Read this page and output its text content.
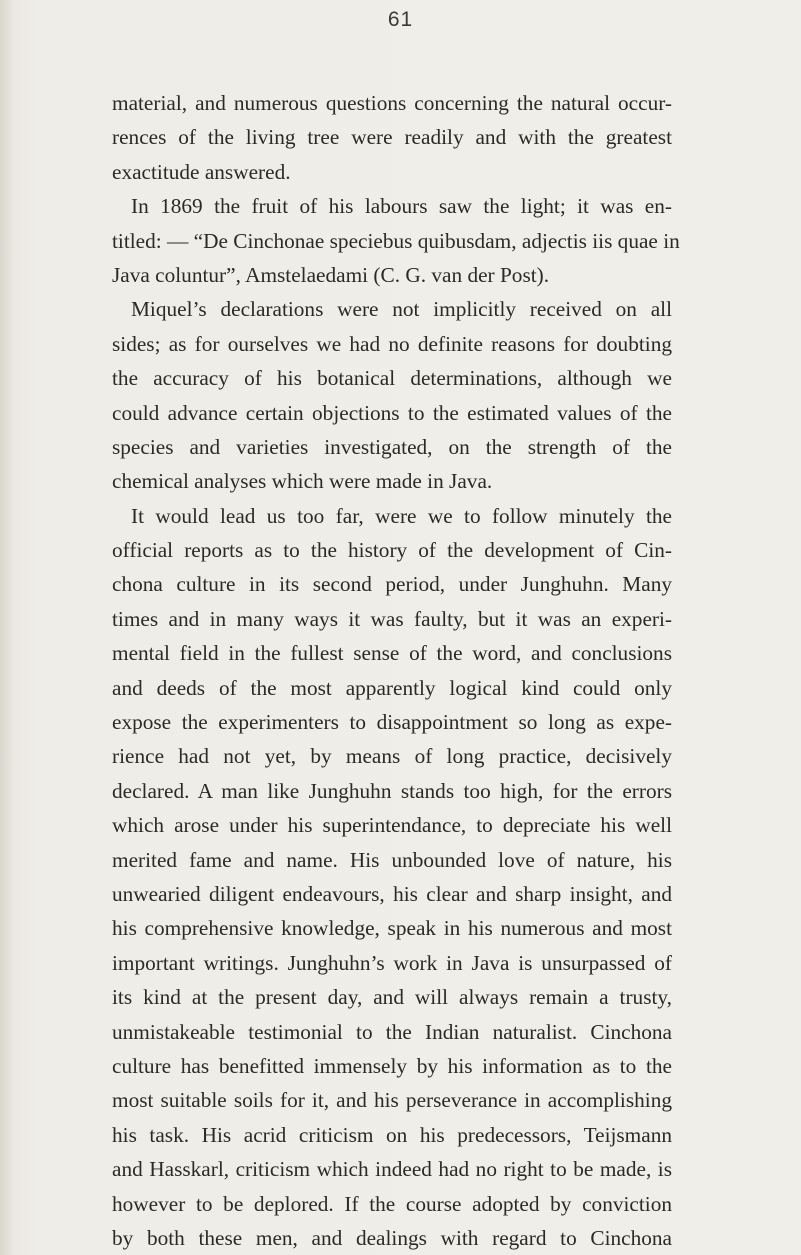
61
material, and numerous questions concerning the natural occur-
rences of the living tree were readily and with the greatest
exactitude answered.
In 1869 the fruit of his labours saw the light; it was en-
titled: — “De Cinchonae speciebus quibusdam, adjectis iis quae in
Java coluntur”, Amstelaedami (C. G. van der Post).
Miquel’s declarations were not implicitly received on all
sides; as for ourselves we had no definite reasons for doubting
the accuracy of his botanical determinations, although we
could advance certain objections to the estimated values of the
species and varieties investigated, on the strength of the
chemical analyses which were made in Java.
It would lead us too far, were we to follow minutely the
official reports as to the history of the development of Cin-
chona culture in its second period, under Junghuhn. Many
times and in many ways it was faulty, but it was an experi-
mental field in the fullest sense of the word, and conclusions
and deeds of the most apparently logical kind could only
expose the experimenters to disappointment so long as expe-
rience had not yet, by means of long practice, decisively
declared. A man like Junghuhn stands too high, for the errors
which arose under his superintendance, to depreciate his well
merited fame and name. His unbounded love of nature, his
unwearied diligent endeavours, his clear and sharp insight, and
his comprehensive knowledge, speak in his numerous and most
important writings. Junghuhn’s work in Java is unsurpassed of
its kind at the present day, and will always remain a trusty,
unmistakeable testimonial to the Indian naturalist. Cinchona
culture has benefitted immensely by his information as to the
most suitable soils for it, and his perseverance in accomplishing
his task. His acrid criticism on his predecessors, Teijsmann
and Hasskarl, criticism which indeed had no right to be made, is
however to be deplored. If the course adopted by conviction
by both these men, and dealings with regard to Cinchona
